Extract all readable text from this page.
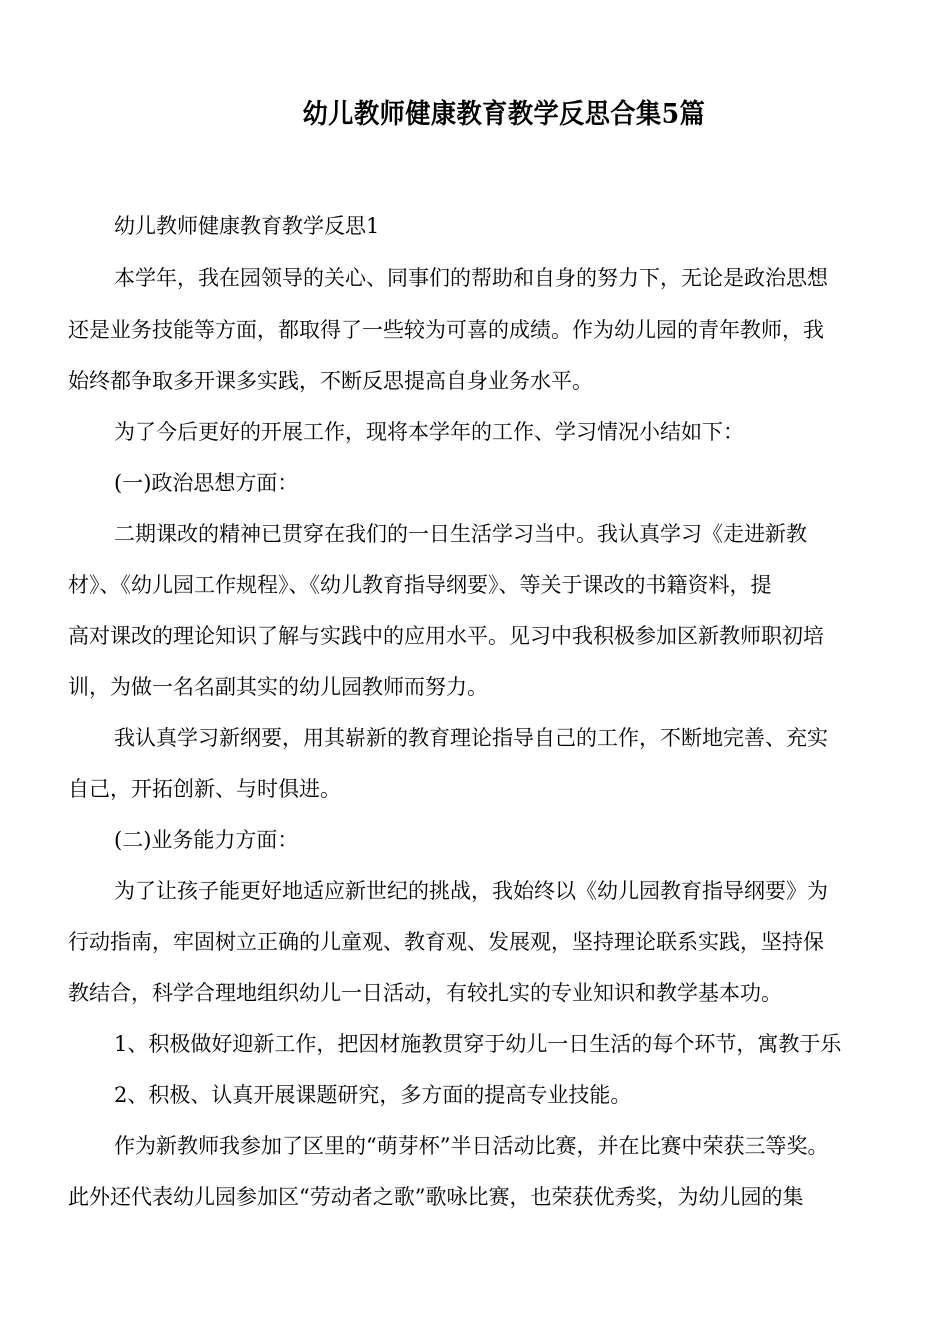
幼儿教师健康教育教学反思合集5篇
幼儿教师健康教育教学反思1
本学年，我在园领导的关心、同事们的帮助和自身的努力下，无论是政治思想
还是业务技能等方面，都取得了一些较为可喜的成绩。作为幼儿园的青年教师，我
始终都争取多开课多实践，不断反思提高自身业务水平。
为了今后更好的开展工作，现将本学年的工作、学习情况小结如下：
(一)政治思想方面：
二期课改的精神已贯穿在我们的一日生活学习当中。我认真学习《走进新教
材》、《幼儿园工作规程》、《幼儿教育指导纲要》、等关于课改的书籍资料，提
高对课改的理论知识了解与实践中的应用水平。见习中我积极参加区新教师职初培
训，为做一名名副其实的幼儿园教师而努力。
我认真学习新纲要，用其崭新的教育理论指导自己的工作，不断地完善、充实
自己，开拓创新、与时俱进。
(二)业务能力方面：
为了让孩子能更好地适应新世纪的挑战，我始终以《幼儿园教育指导纲要》为
行动指南，牢固树立正确的儿童观、教育观、发展观，坚持理论联系实践，坚持保
教结合，科学合理地组织幼儿一日活动，有较扎实的专业知识和教学基本功。
1、积极做好迎新工作，把因材施教贯穿于幼儿一日生活的每个环节，寓教于乐
2、积极、认真开展课题研究，多方面的提高专业技能。
作为新教师我参加了区里的“萌芽杯”半日活动比赛，并在比赛中荣获三等奖。
此外还代表幼儿园参加区“劳动者之歌”歌咏比赛，也荣获优秀奖，为幼儿园的集
